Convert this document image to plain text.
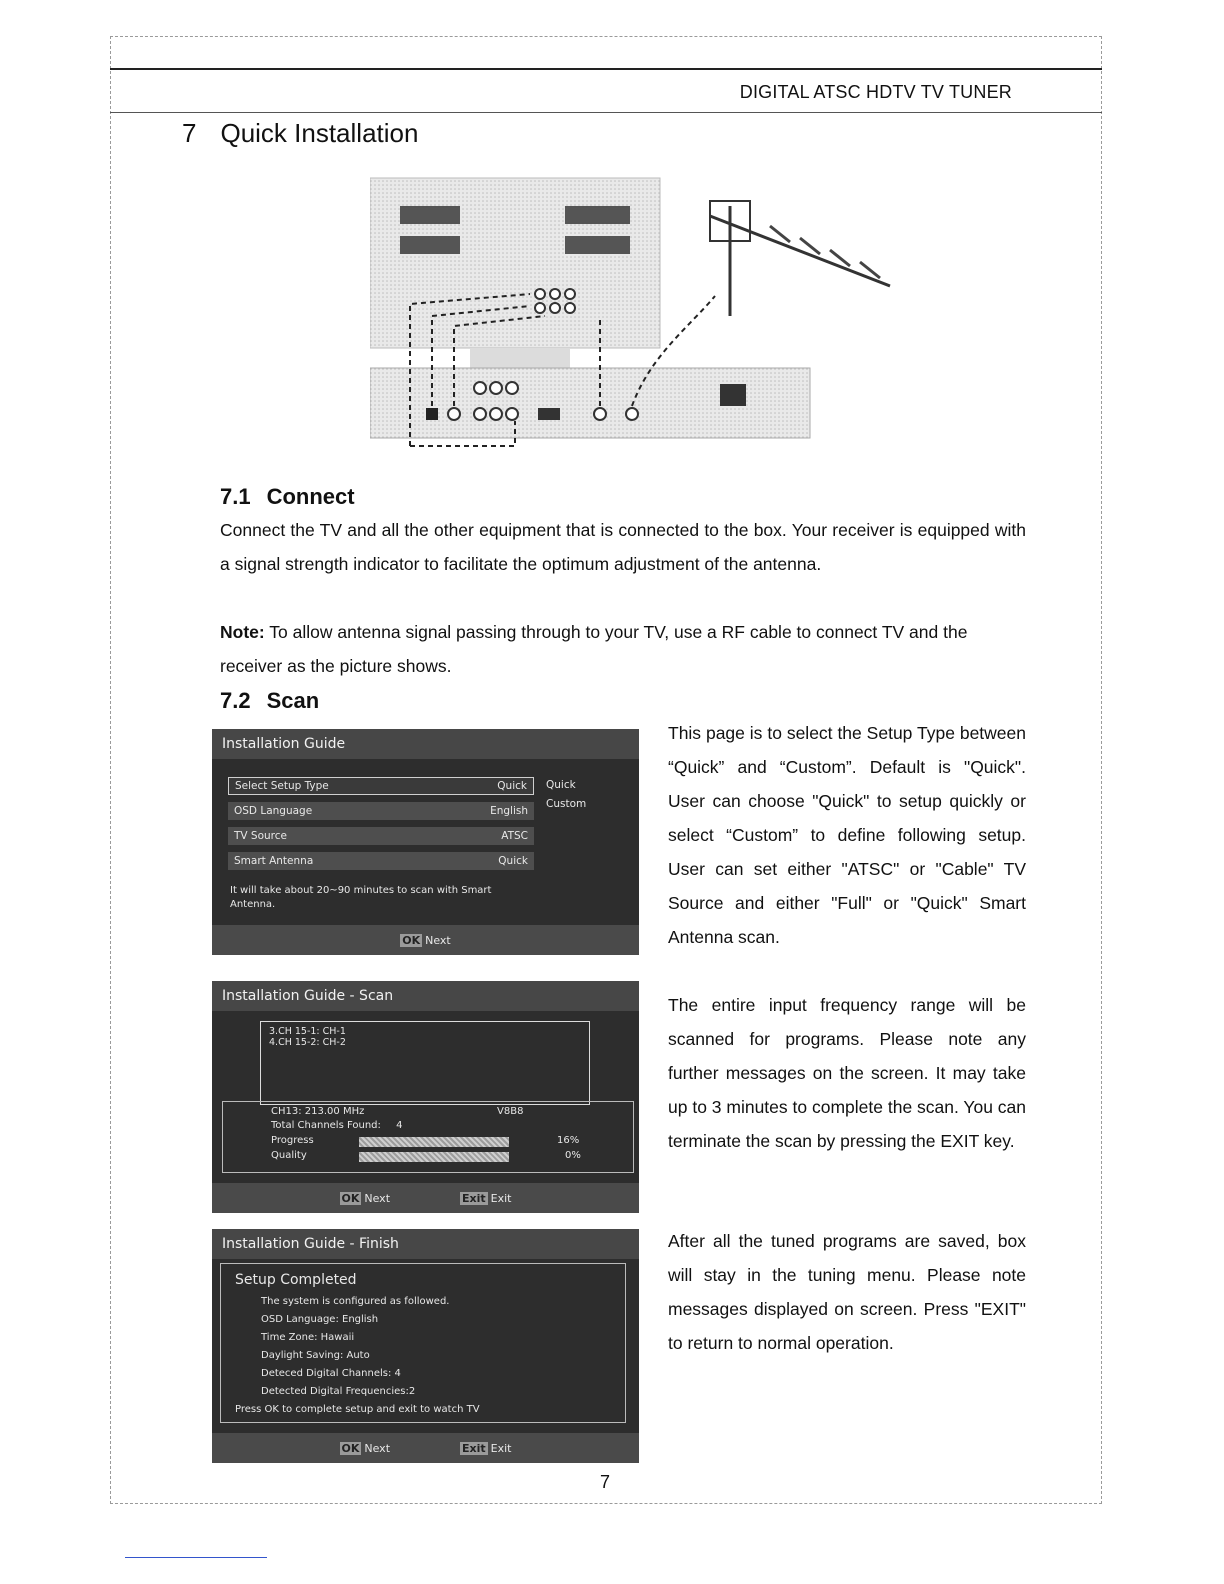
DIGITAL ATSC HDTV TV TUNER
7 Quick Installation
7.1 Connect
Connect the TV and all the other equipment that is connected to the box. Your receiver is equipped with a signal strength indicator to facilitate the optimum adjustment of the antenna.
Note: To allow antenna signal passing through to your TV, use a RF cable to connect TV and the receiver as the picture shows.
7.2 Scan
Installation Guide
Select Setup Type	Quick
OSD Language	English
TV Source	ATSC
Smart Antenna	Quick
Quick
Custom
It will take about 20~90 minutes to scan with Smart Antenna.
OK Next
Installation Guide - Scan
3.CH 15-1: CH-1
4.CH 15-2: CH-2
CH13: 213.00 MHz	V8B8
Total Channels Found: 4
Progress	16%
Quality	0%
OK Next	Exit Exit
Installation Guide - Finish
Setup Completed
The system is configured as followed.
OSD Language: English
Time Zone: Hawaii
Daylight Saving: Auto
Deteced Digital Channels: 4
Detected Digital Frequencies:2
Press OK to complete setup and exit to watch TV
OK Next	Exit Exit
This page is to select the Setup Type between “Quick” and “Custom”. Default is "Quick". User can choose "Quick" to setup quickly or select “Custom” to define following setup. User can set either "ATSC" or "Cable" TV Source and either "Full" or "Quick" Smart Antenna scan.
The entire input frequency range will be scanned for programs. Please note any further messages on the screen. It may take up to 3 minutes to complete the scan. You can terminate the scan by pressing the EXIT key.
After all the tuned programs are saved, box will stay in the tuning menu. Please note messages displayed on screen. Press "EXIT" to return to normal operation.
7
